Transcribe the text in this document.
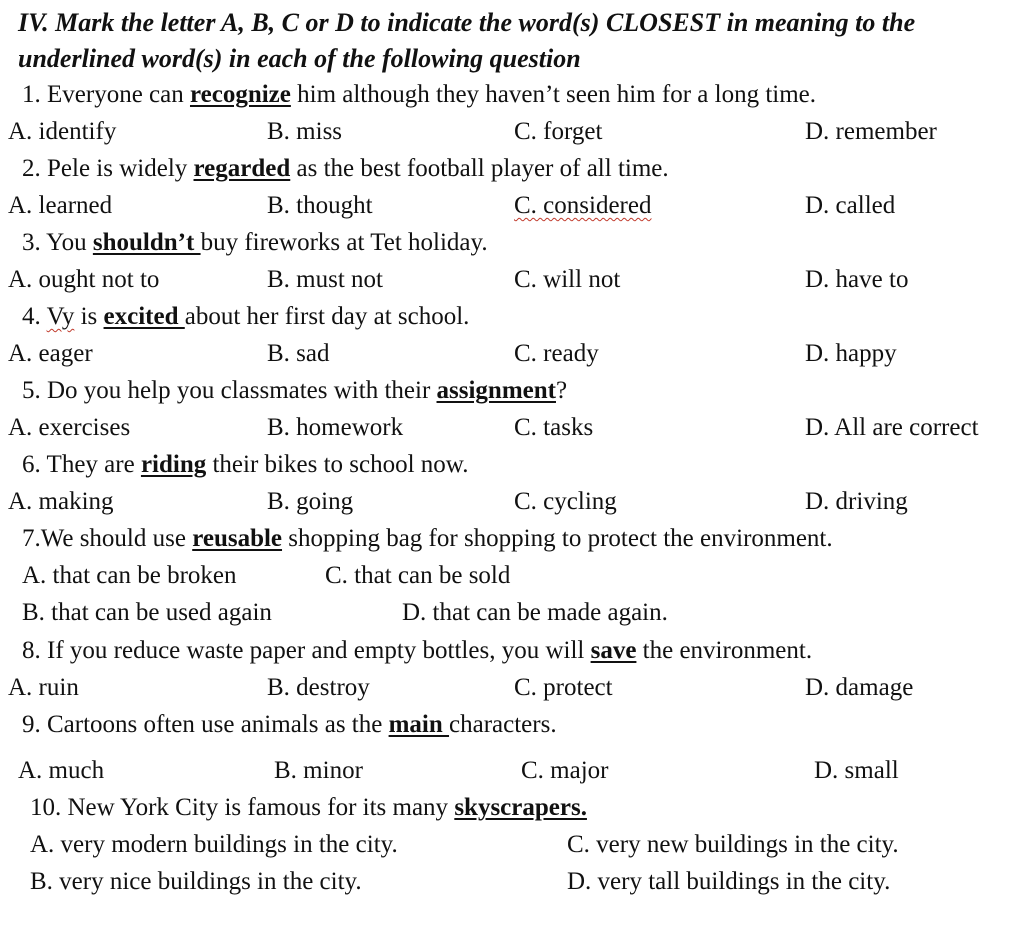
IV. Mark the letter A, B, C or D to indicate the word(s) CLOSEST in meaning to the
underlined word(s) in each of the following question
1. Everyone can recognize him although they haven’t seen him for a long time.
A. identify	B. miss	C. forget	D. remember
2. Pele is widely regarded as the best football player of all time.
A. learned	B. thought	C. considered	D. called
3. You shouldn’t buy fireworks at Tet holiday.
A. ought not to	B. must not	C. will not	D. have to
4. Vy is excited about her first day at school.
A. eager	B. sad	C. ready	D. happy
5. Do you help you classmates with their assignment?
A. exercises	B. homework	C. tasks	D. All are correct
6. They are riding their bikes to school now.
A. making	B. going	C. cycling	D. driving
7.We should use reusable shopping bag for shopping to protect the environment.
A. that can be broken	C. that can be sold
B. that can be used again	D. that can be made again.
8. If you reduce waste paper and empty bottles, you will save the environment.
A. ruin	B. destroy	C. protect	D. damage
9. Cartoons often use animals as the main characters.
A. much	B. minor	C. major	D. small
10. New York City is famous for its many skyscrapers.
A. very modern buildings in the city.	C. very new buildings in the city.
B. very nice buildings in the city.	D. very tall buildings in the city.
